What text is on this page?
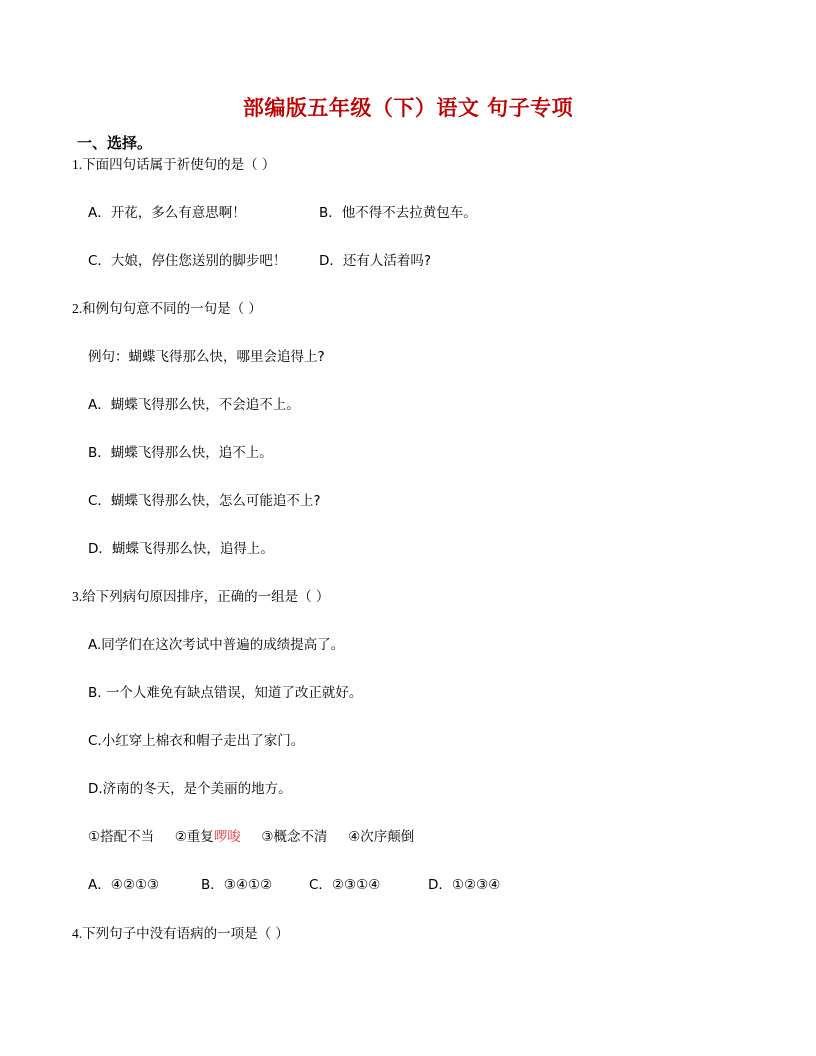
部编版五年级（下）语文 句子专项
一、选择。
1.下面四句话属于祈使句的是（ ）
A．开花，多么有意思啊！	B．他不得不去拉黄包车。
C．大娘，停住您送别的脚步吧！ D．还有人活着吗?
2.和例句句意不同的一句是（ ）
例句：蝴蝶飞得那么快，哪里会追得上?
A．蝴蝶飞得那么快，不会追不上。
B．蝴蝶飞得那么快，追不上。
C．蝴蝶飞得那么快，怎么可能追不上?
D．蝴蝶飞得那么快，追得上。
3.给下列病句原因排序，正确的一组是（ ）
A.同学们在这次考试中普遍的成绩提高了。
B. 一个人难免有缺点错误，知道了改正就好。
C.小红穿上棉衣和帽子走出了家门。
D.济南的冬天，是个美丽的地方。
①搭配不当 ②重复啰唆 ③概念不清 ④次序颠倒
A．④②①③	B．③④①②	C．②③①④	D．①②③④
4.下列句子中没有语病的一项是（ ）
